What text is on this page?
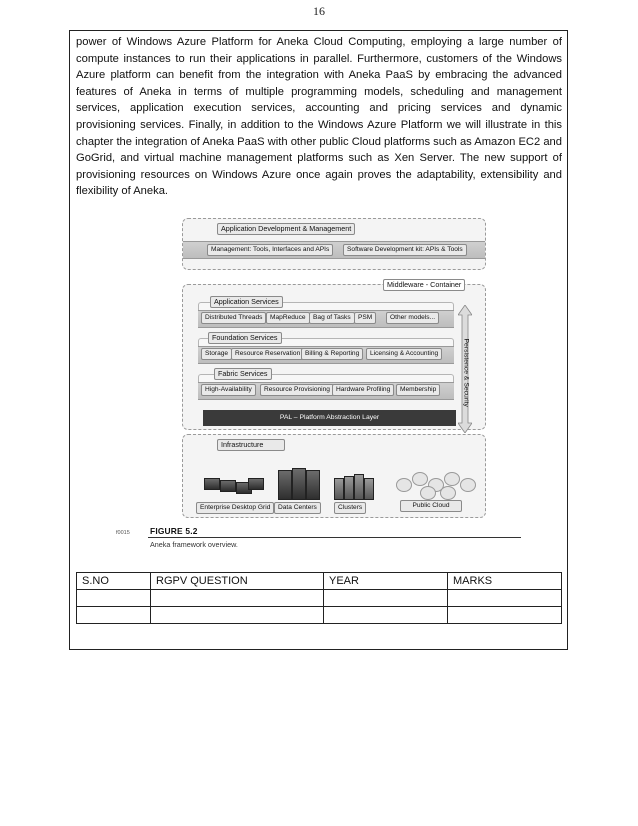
16

power of Windows Azure Platform for Aneka Cloud Computing, employing a large number of compute instances to run their applications in parallel. Furthermore, customers of the Windows Azure platform can benefit from the integration with Aneka PaaS by embracing the advanced features of Aneka in terms of multiple programming models, scheduling and management services, application execution services, accounting and pricing services and dynamic provisioning services. Finally, in addition to the Windows Azure Platform we will illustrate in this chapter the integration of Aneka PaaS with other public Cloud platforms such as Amazon EC2 and GoGrid, and virtual machine management platforms such as Xen Server. The new support of provisioning resources on Windows Azure once again proves the adaptability, extensibility and flexibility of Aneka.

Application Development & Management
Management: Tools, Interfaces and APIs	Software Development kit: APIs & Tools
Middleware - Container
Application Services
Distributed Threads	MapReduce	Bag of Tasks	PSM	Other models...
Foundation Services
Storage	Resource Reservation Billing & Reporting	Licensing & Accounting
Fabric Services
High-Availability	Resource Provisioning Hardware Profiling	Membership	Persistence & Security
PAL – Platform Abstraction Layer
Infrastructure
Enterprise Desktop Grid	Data Centers	Clusters	Public Cloud
f0015 FIGURE 5.2
Aneka framework overview.
S.NO	RGPV QUESTION	YEAR	MARKS
